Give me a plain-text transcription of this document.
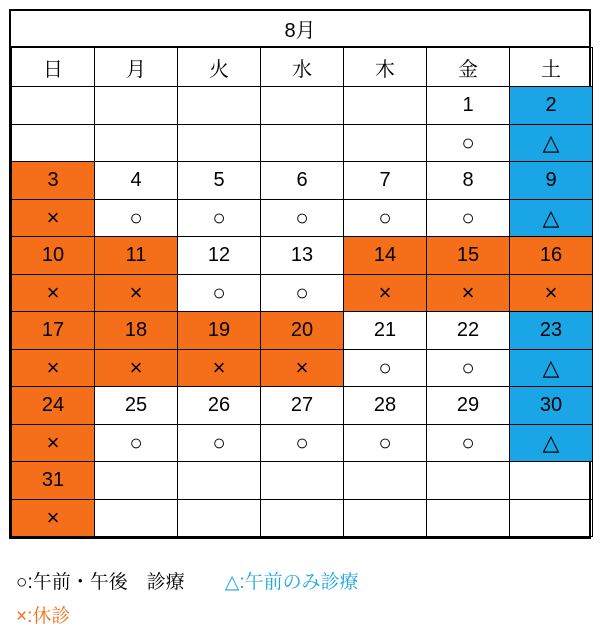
8月
日	月	火	水	木	金	土
					1	2
					○	△
3	4	5	6	7	8	9
×	○	○	○	○	○	△
10	11	12	13	14	15	16
×	×	○	○	×	×	×
17	18	19	20	21	22	23
×	×	×	×	○	○	△
24	25	26	27	28	29	30
×	○	○	○	○	○	△
31						
×						
○:午前・午後　診療 △:午前のみ診療
×:休診
